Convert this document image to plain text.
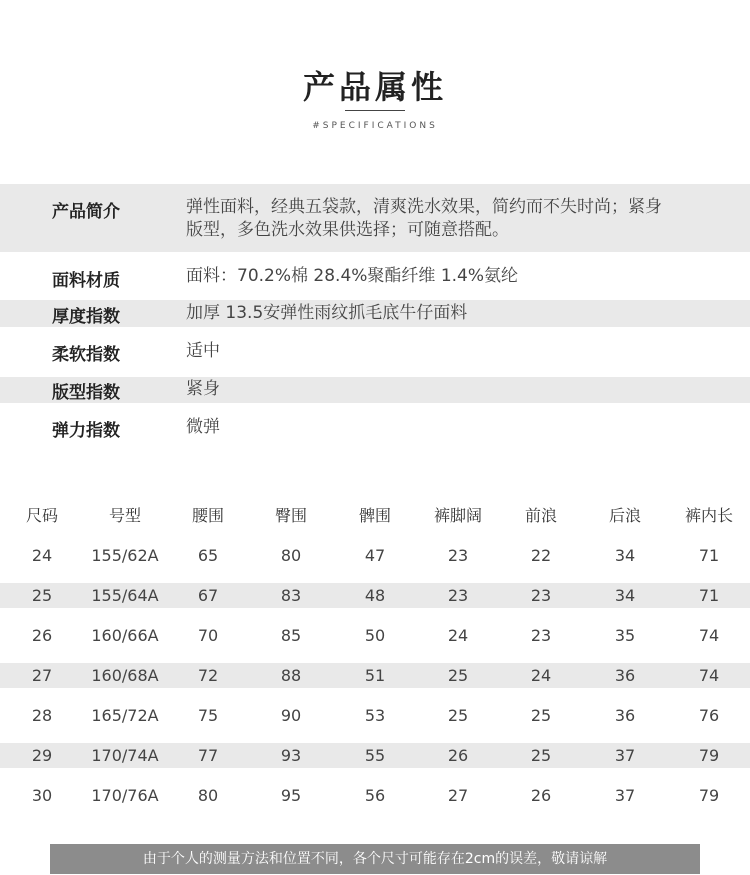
产品属性
#SPECIFICATIONS
产品简介	弹性面料，经典五袋款，清爽洗水效果，简约而不失时尚；紧身
版型，多色洗水效果供选择；可随意搭配。
面料材质	面料：70.2%棉 28.4%聚酯纤维 1.4%氨纶
厚度指数	加厚 13.5安弹性雨纹抓毛底牛仔面料
柔软指数	适中
版型指数	紧身
弹力指数	微弹
尺码	号型	腰围	臀围	髀围	裤脚阔	前浪	后浪	裤内长
24	155/62A	65	80	47	23	22	34	71
25	155/64A	67	83	48	23	23	34	71
26	160/66A	70	85	50	24	23	35	74
27	160/68A	72	88	51	25	24	36	74
28	165/72A	75	90	53	25	25	36	76
29	170/74A	77	93	55	26	25	37	79
30	170/76A	80	95	56	27	26	37	79
由于个人的测量方法和位置不同，各个尺寸可能存在2cm的误差，敬请谅解
